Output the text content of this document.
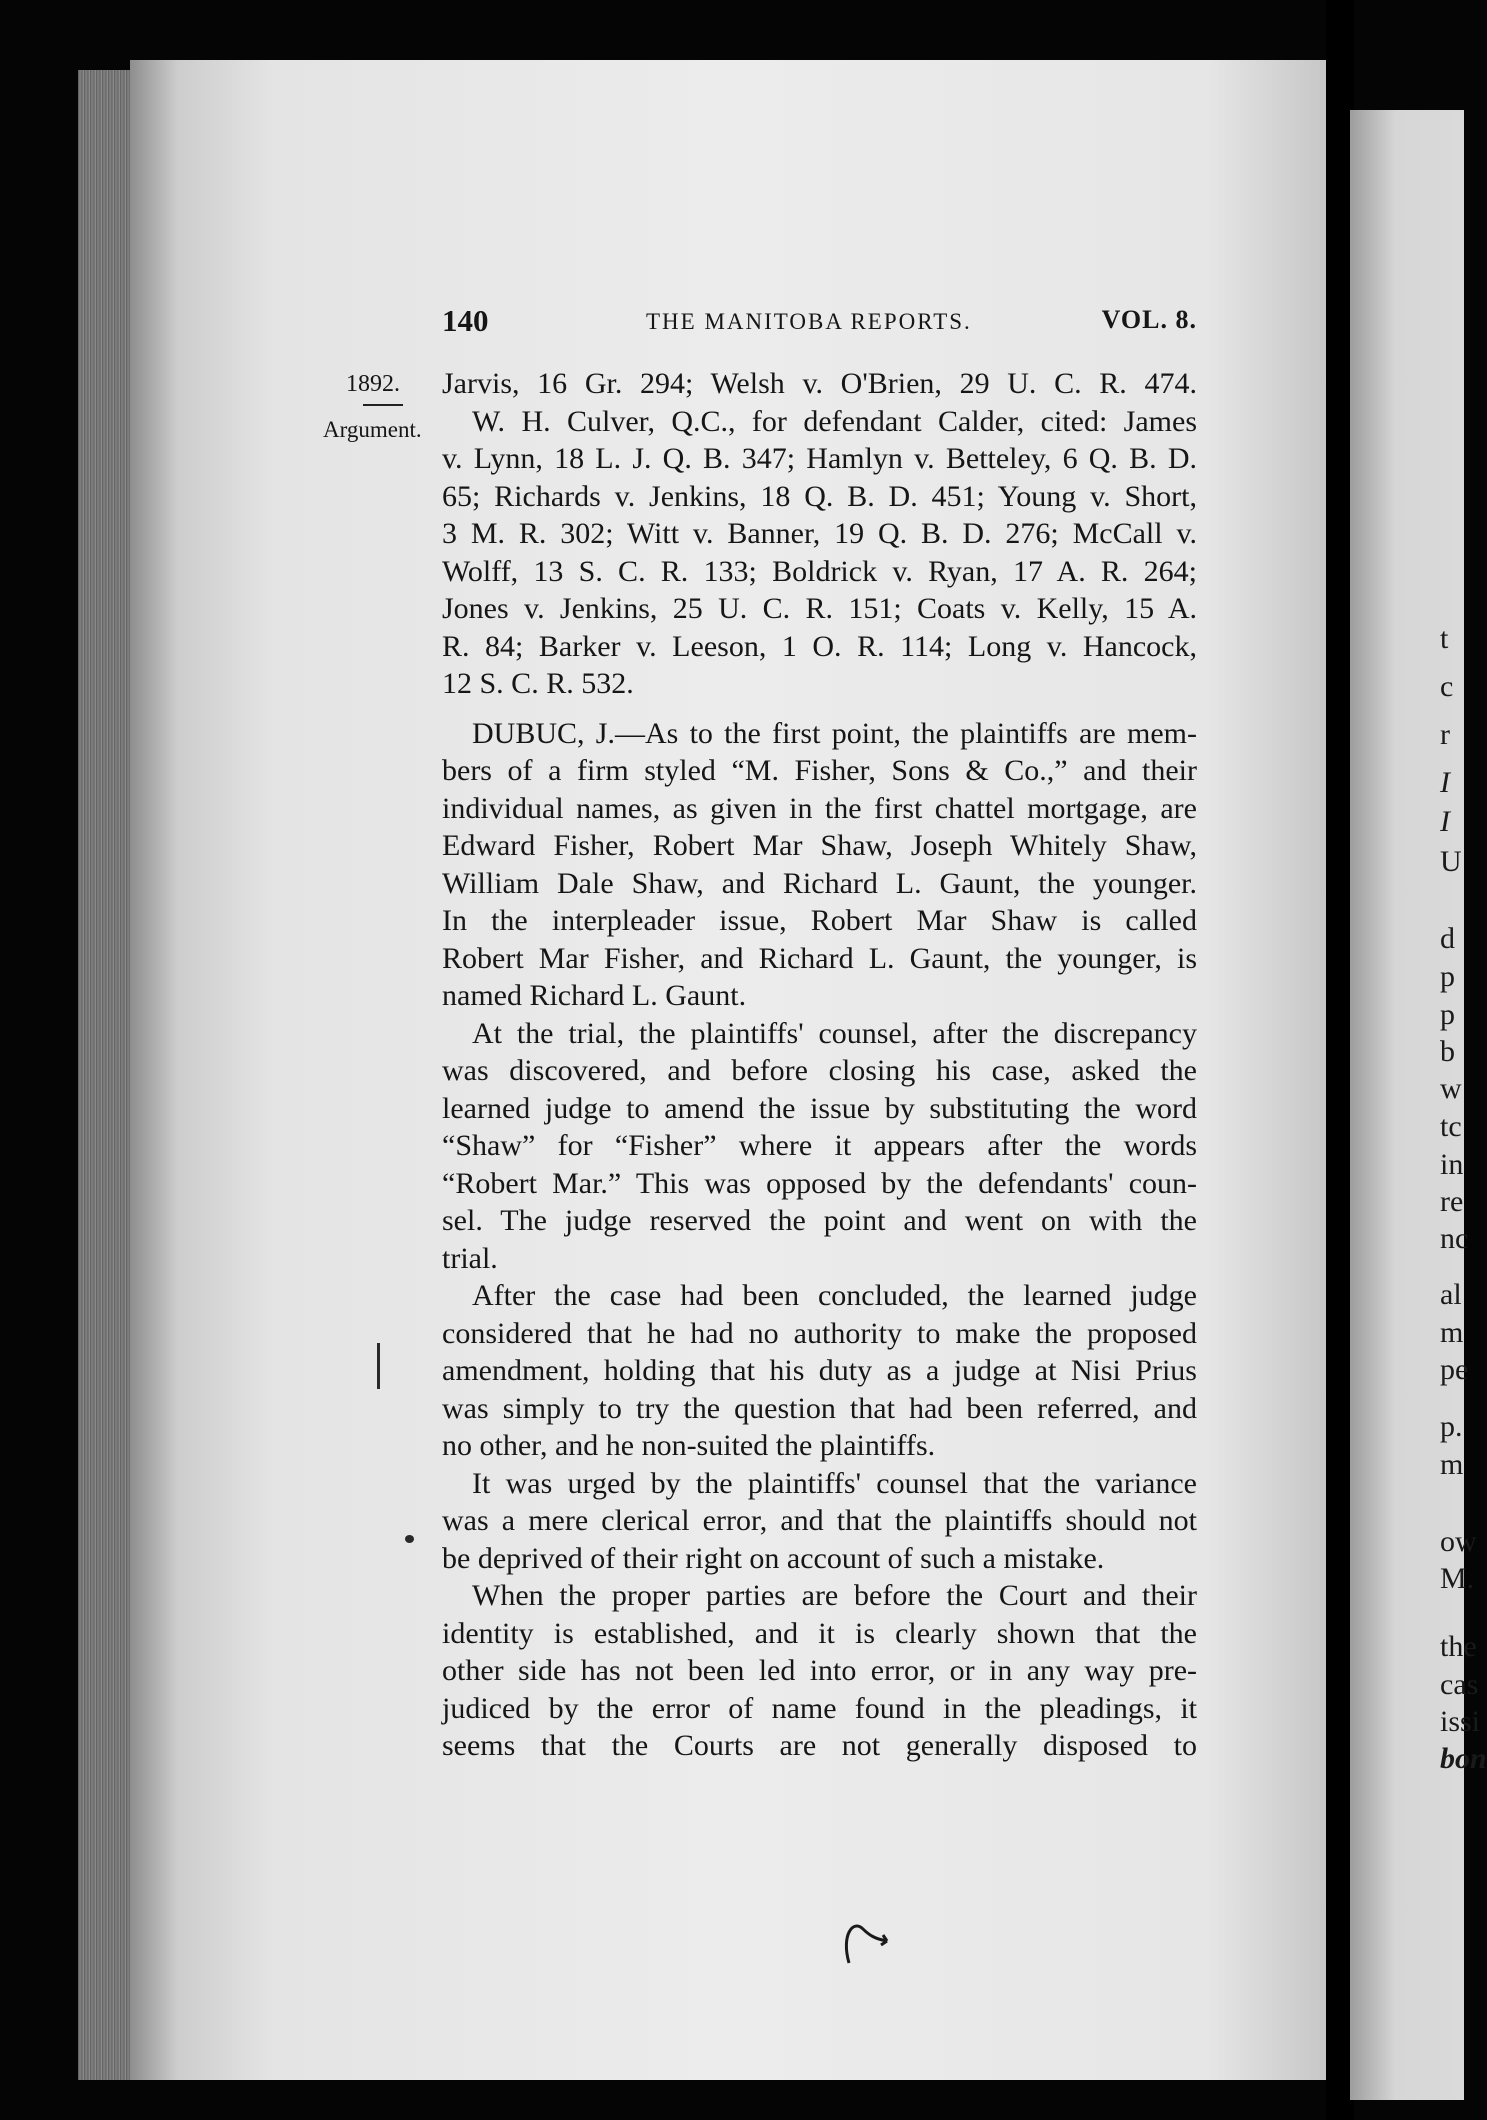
140	THE MANITOBA REPORTS.	VOL. 8.
1892.
Argument.
Jarvis, 16 Gr. 294; Welsh v. O'Brien, 29 U. C. R. 474.
W. H. Culver, Q.C., for defendant Calder, cited: James
v. Lynn, 18 L. J. Q. B. 347; Hamlyn v. Betteley, 6 Q. B. D.
65; Richards v. Jenkins, 18 Q. B. D. 451; Young v. Short,
3 M. R. 302; Witt v. Banner, 19 Q. B. D. 276; McCall v.
Wolff, 13 S. C. R. 133; Boldrick v. Ryan, 17 A. R. 264;
Jones v. Jenkins, 25 U. C. R. 151; Coats v. Kelly, 15 A.
R. 84; Barker v. Leeson, 1 O. R. 114; Long v. Hancock,
12 S. C. R. 532.
DUBUC, J.—As to the first point, the plaintiffs are mem-
bers of a firm styled “M. Fisher, Sons & Co.,” and their
individual names, as given in the first chattel mortgage, are
Edward Fisher, Robert Mar Shaw, Joseph Whitely Shaw,
William Dale Shaw, and Richard L. Gaunt, the younger.
In the interpleader issue, Robert Mar Shaw is called
Robert Mar Fisher, and Richard L. Gaunt, the younger, is
named Richard L. Gaunt.
At the trial, the plaintiffs' counsel, after the discrepancy
was discovered, and before closing his case, asked the
learned judge to amend the issue by substituting the word
“Shaw” for “Fisher” where it appears after the words
“Robert Mar.” This was opposed by the defendants' coun-
sel. The judge reserved the point and went on with the
trial.
After the case had been concluded, the learned judge
considered that he had no authority to make the proposed
amendment, holding that his duty as a judge at Nisi Prius
was simply to try the question that had been referred, and
no other, and he non-suited the plaintiffs.
It was urged by the plaintiffs' counsel that the variance
was a mere clerical error, and that the plaintiffs should not
be deprived of their right on account of such a mistake.
When the proper parties are before the Court and their
identity is established, and it is clearly shown that the
other side has not been led into error, or in any way pre-
judiced by the error of name found in the pleadings, it
seems that the Courts are not generally disposed to
t
c
r
I
I
U
d
p
p
b
w
tc
in
re
nc
al
m
pe
p.
m
ow
M.
the
cas
issi
bon
